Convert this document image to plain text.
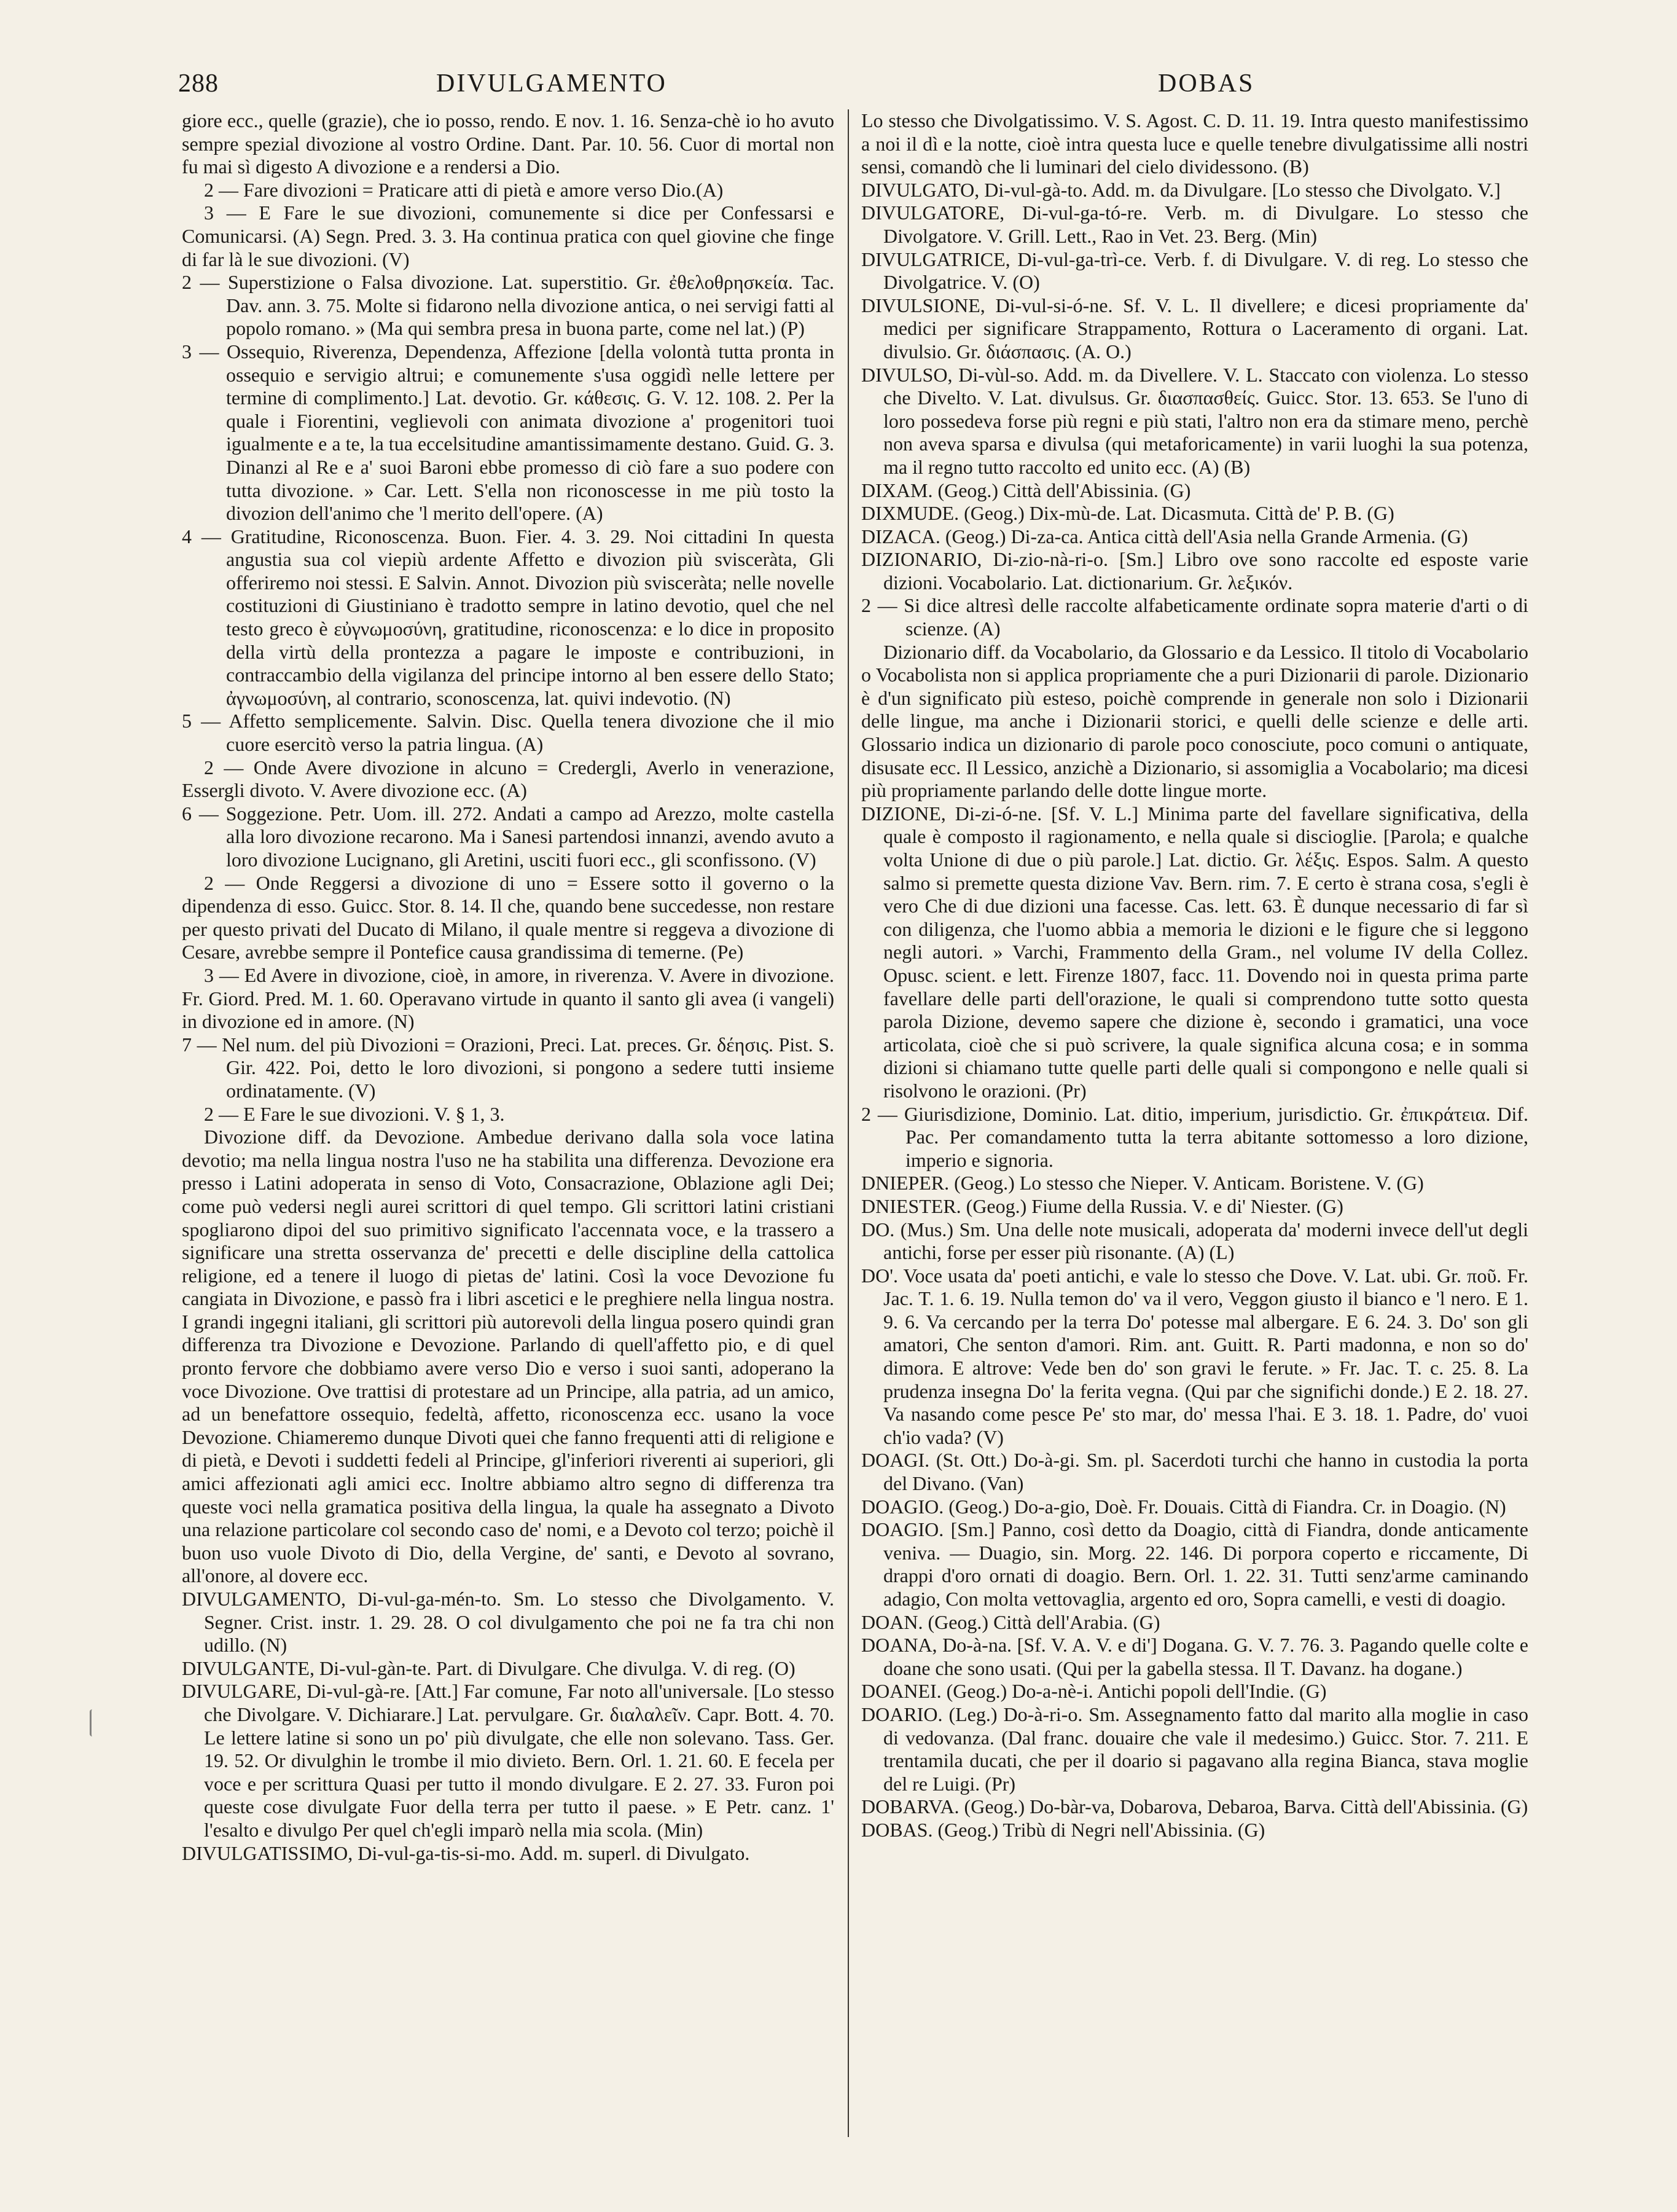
288	DIVULGAMENTO	DOBAS

giore ecc., quelle (grazie), che io posso, rendo. E nov. 1. 16. Senza-chè io ho avuto sempre spezial divozione al vostro Ordine. Dant. Par. 10. 56. Cuor di mortal non fu mai sì digesto A divozione e a rendersi a Dio.

2 — Fare divozioni = Praticare atti di pietà e amore verso Dio.(A)

3 — E Fare le sue divozioni, comunemente si dice per Confessarsi e Comunicarsi. (A) Segn. Pred. 3. 3. Ha continua pratica con quel giovine che finge di far là le sue divozioni. (V)

2 — Superstizione o Falsa divozione. Lat. superstitio. Gr. ἐθελοθρησκεία. Tac. Dav. ann. 3. 75. Molte si fidarono nella divozione antica, o nei servigi fatti al popolo romano. » (Ma qui sembra presa in buona parte, come nel lat.) (P)

3 — Ossequio, Riverenza, Dependenza, Affezione [della volontà tutta pronta in ossequio e servigio altrui; e comunemente s'usa oggidì nelle lettere per termine di complimento.] Lat. devotio. Gr. κάθεσις. G. V. 12. 108. 2. Per la quale i Fiorentini, veglievoli con animata divozione a' progenitori tuoi igualmente e a te, la tua eccelsitudine amantissimamente destano. Guid. G. 3. Dinanzi al Re e a' suoi Baroni ebbe promesso di ciò fare a suo podere con tutta divozione. » Car. Lett. S'ella non riconoscesse in me più tosto la divozion dell'animo che 'l merito dell'opere. (A)

4 — Gratitudine, Riconoscenza. Buon. Fier. 4. 3. 29. Noi cittadini In questa angustia sua col viepiù ardente Affetto e divozion più svisceràta, Gli offeriremo noi stessi. E Salvin. Annot. Divozion più svisceràta; nelle novelle costituzioni di Giustiniano è tradotto sempre in latino devotio, quel che nel testo greco è εὐγνωμοσύνη, gratitudine, riconoscenza: e lo dice in proposito della virtù della prontezza a pagare le imposte e contribuzioni, in contraccambio della vigilanza del principe intorno al ben essere dello Stato; ἀγνωμοσύνη, al contrario, sconoscenza, lat. quivi indevotio. (N)

5 — Affetto semplicemente. Salvin. Disc. Quella tenera divozione che il mio cuore esercitò verso la patria lingua. (A)

2 — Onde Avere divozione in alcuno = Credergli, Averlo in venerazione, Essergli divoto. V. Avere divozione ecc. (A)

6 — Soggezione. Petr. Uom. ill. 272. Andati a campo ad Arezzo, molte castella alla loro divozione recarono. Ma i Sanesi partendosi innanzi, avendo avuto a loro divozione Lucignano, gli Aretini, usciti fuori ecc., gli sconfissono. (V)

2 — Onde Reggersi a divozione di uno = Essere sotto il governo o la dipendenza di esso. Guicc. Stor. 8. 14. Il che, quando bene succedesse, non restare per questo privati del Ducato di Milano, il quale mentre si reggeva a divozione di Cesare, avrebbe sempre il Pontefice causa grandissima di temerne. (Pe)

3 — Ed Avere in divozione, cioè, in amore, in riverenza. V. Avere in divozione. Fr. Giord. Pred. M. 1. 60. Operavano virtude in quanto il santo gli avea (i vangeli) in divozione ed in amore. (N)

7 — Nel num. del più Divozioni = Orazioni, Preci. Lat. preces. Gr. δέησις. Pist. S. Gir. 422. Poi, detto le loro divozioni, si pongono a sedere tutti insieme ordinatamente. (V)

2 — E Fare le sue divozioni. V. § 1, 3.

Divozione diff. da Devozione. Ambedue derivano dalla sola voce latina devotio; ma nella lingua nostra l'uso ne ha stabilita una differenza. Devozione era presso i Latini adoperata in senso di Voto, Consacrazione, Oblazione agli Dei; come può vedersi negli aurei scrittori di quel tempo. Gli scrittori latini cristiani spogliarono dipoi del suo primitivo significato l'accennata voce, e la trassero a significare una stretta osservanza de' precetti e delle discipline della cattolica religione, ed a tenere il luogo di pietas de' latini. Così la voce Devozione fu cangiata in Divozione, e passò fra i libri ascetici e le preghiere nella lingua nostra. I grandi ingegni italiani, gli scrittori più autorevoli della lingua posero quindi gran differenza tra Divozione e Devozione. Parlando di quell'affetto pio, e di quel pronto fervore che dobbiamo avere verso Dio e verso i suoi santi, adoperano la voce Divozione. Ove trattisi di protestare ad un Principe, alla patria, ad un amico, ad un benefattore ossequio, fedeltà, affetto, riconoscenza ecc. usano la voce Devozione. Chiameremo dunque Divoti quei che fanno frequenti atti di religione e di pietà, e Devoti i suddetti fedeli al Principe, gl'inferiori riverenti ai superiori, gli amici affezionati agli amici ecc. Inoltre abbiamo altro segno di differenza tra queste voci nella gramatica positiva della lingua, la quale ha assegnato a Divoto una relazione particolare col secondo caso de' nomi, e a Devoto col terzo; poichè il buon uso vuole Divoto di Dio, della Vergine, de' santi, e Devoto al sovrano, all'onore, al dovere ecc.

DIVULGAMENTO, Di-vul-ga-mén-to. Sm. Lo stesso che Divolgamento. V. Segner. Crist. instr. 1. 29. 28. O col divulgamento che poi ne fa tra chi non udillo. (N)

DIVULGANTE, Di-vul-gàn-te. Part. di Divulgare. Che divulga. V. di reg. (O)

DIVULGARE, Di-vul-gà-re. [Att.] Far comune, Far noto all'universale. [Lo stesso che Divolgare. V. Dichiarare.] Lat. pervulgare. Gr. διαλαλεῖν. Capr. Bott. 4. 70. Le lettere latine si sono un po' più divulgate, che elle non solevano. Tass. Ger. 19. 52. Or divulghin le trombe il mio divieto. Bern. Orl. 1. 21. 60. E fecela per voce e per scrittura Quasi per tutto il mondo divulgare. E 2. 27. 33. Furon poi queste cose divulgate Fuor della terra per tutto il paese. » E Petr. canz. 1' l'esalto e divulgo Per quel ch'egli imparò nella mia scola. (Min)

DIVULGATISSIMO, Di-vul-ga-tis-si-mo. Add. m. superl. di Divulgato.

Lo stesso che Divolgatissimo. V. S. Agost. C. D. 11. 19. Intra questo manifestissimo a noi il dì e la notte, cioè intra questa luce e quelle tenebre divulgatissime alli nostri sensi, comandò che li luminari del cielo dividessono. (B)

DIVULGATO, Di-vul-gà-to. Add. m. da Divulgare. [Lo stesso che Divolgato. V.]

DIVULGATORE, Di-vul-ga-tó-re. Verb. m. di Divulgare. Lo stesso che Divolgatore. V. Grill. Lett., Rao in Vet. 23. Berg. (Min)

DIVULGATRICE, Di-vul-ga-trì-ce. Verb. f. di Divulgare. V. di reg. Lo stesso che Divolgatrice. V. (O)

DIVULSIONE, Di-vul-si-ó-ne. Sf. V. L. Il divellere; e dicesi propriamente da' medici per significare Strappamento, Rottura o Laceramento di organi. Lat. divulsio. Gr. διάσπασις. (A. O.)

DIVULSO, Di-vùl-so. Add. m. da Divellere. V. L. Staccato con violenza. Lo stesso che Divelto. V. Lat. divulsus. Gr. διασπασθείς. Guicc. Stor. 13. 653. Se l'uno di loro possedeva forse più regni e più stati, l'altro non era da stimare meno, perchè non aveva sparsa e divulsa (qui metaforicamente) in varii luoghi la sua potenza, ma il regno tutto raccolto ed unito ecc. (A) (B)

DIXAM. (Geog.) Città dell'Abissinia. (G)

DIXMUDE. (Geog.) Dix-mù-de. Lat. Dicasmuta. Città de' P. B. (G)

DIZACA. (Geog.) Di-za-ca. Antica città dell'Asia nella Grande Armenia. (G)

DIZIONARIO, Di-zio-nà-ri-o. [Sm.] Libro ove sono raccolte ed esposte varie dizioni. Vocabolario. Lat. dictionarium. Gr. λεξικόν.

2 — Si dice altresì delle raccolte alfabeticamente ordinate sopra materie d'arti o di scienze. (A)

Dizionario diff. da Vocabolario, da Glossario e da Lessico. Il titolo di Vocabolario o Vocabolista non si applica propriamente che a puri Dizionarii di parole. Dizionario è d'un significato più esteso, poichè comprende in generale non solo i Dizionarii delle lingue, ma anche i Dizionarii storici, e quelli delle scienze e delle arti. Glossario indica un dizionario di parole poco conosciute, poco comuni o antiquate, disusate ecc. Il Lessico, anzichè a Dizionario, si assomiglia a Vocabolario; ma dicesi più propriamente parlando delle dotte lingue morte.

DIZIONE, Di-zi-ó-ne. [Sf. V. L.] Minima parte del favellare significativa, della quale è composto il ragionamento, e nella quale si discioglie. [Parola; e qualche volta Unione di due o più parole.] Lat. dictio. Gr. λέξις. Espos. Salm. A questo salmo si premette questa dizione Vav. Bern. rim. 7. E certo è strana cosa, s'egli è vero Che di due dizioni una facesse. Cas. lett. 63. È dunque necessario di far sì con diligenza, che l'uomo abbia a memoria le dizioni e le figure che si leggono negli autori. » Varchi, Frammento della Gram., nel volume IV della Collez. Opusc. scient. e lett. Firenze 1807, facc. 11. Dovendo noi in questa prima parte favellare delle parti dell'orazione, le quali si comprendono tutte sotto questa parola Dizione, devemo sapere che dizione è, secondo i gramatici, una voce articolata, cioè che si può scrivere, la quale significa alcuna cosa; e in somma dizioni si chiamano tutte quelle parti delle quali si compongono e nelle quali si risolvono le orazioni. (Pr)

2 — Giurisdizione, Dominio. Lat. ditio, imperium, jurisdictio. Gr. ἐπικράτεια. Dif. Pac. Per comandamento tutta la terra abitante sottomesso a loro dizione, imperio e signoria.

DNIEPER. (Geog.) Lo stesso che Nieper. V. Anticam. Boristene. V. (G)

DNIESTER. (Geog.) Fiume della Russia. V. e di' Niester. (G)

DO. (Mus.) Sm. Una delle note musicali, adoperata da' moderni invece dell'ut degli antichi, forse per esser più risonante. (A) (L)

DO'. Voce usata da' poeti antichi, e vale lo stesso che Dove. V. Lat. ubi. Gr. ποῦ. Fr. Jac. T. 1. 6. 19. Nulla temon do' va il vero, Veggon giusto il bianco e 'l nero. E 1. 9. 6. Va cercando per la terra Do' potesse mal albergare. E 6. 24. 3. Do' son gli amatori, Che senton d'amori. Rim. ant. Guitt. R. Parti madonna, e non so do' dimora. E altrove: Vede ben do' son gravi le ferute. » Fr. Jac. T. c. 25. 8. La prudenza insegna Do' la ferita vegna. (Qui par che significhi donde.) E 2. 18. 27. Va nasando come pesce Pe' sto mar, do' messa l'hai. E 3. 18. 1. Padre, do' vuoi ch'io vada? (V)

DOAGI. (St. Ott.) Do-à-gi. Sm. pl. Sacerdoti turchi che hanno in custodia la porta del Divano. (Van)

DOAGIO. (Geog.) Do-a-gio, Doè. Fr. Douais. Città di Fiandra. Cr. in Doagio. (N)

DOAGIO. [Sm.] Panno, così detto da Doagio, città di Fiandra, donde anticamente veniva. — Duagio, sin. Morg. 22. 146. Di porpora coperto e riccamente, Di drappi d'oro ornati di doagio. Bern. Orl. 1. 22. 31. Tutti senz'arme caminando adagio, Con molta vettovaglia, argento ed oro, Sopra camelli, e vesti di doagio.

DOAN. (Geog.) Città dell'Arabia. (G)

DOANA, Do-à-na. [Sf. V. A. V. e di'] Dogana. G. V. 7. 76. 3. Pagando quelle colte e doane che sono usati. (Qui per la gabella stessa. Il T. Davanz. ha dogane.)

DOANEI. (Geog.) Do-a-nè-i. Antichi popoli dell'Indie. (G)

DOARIO. (Leg.) Do-à-ri-o. Sm. Assegnamento fatto dal marito alla moglie in caso di vedovanza. (Dal franc. douaire che vale il medesimo.) Guicc. Stor. 7. 211. E trentamila ducati, che per il doario si pagavano alla regina Bianca, stava moglie del re Luigi. (Pr)

DOBARVA. (Geog.) Do-bàr-va, Dobarova, Debaroa, Barva. Città dell'Abissinia. (G)

DOBAS. (Geog.) Tribù di Negri nell'Abissinia. (G)
